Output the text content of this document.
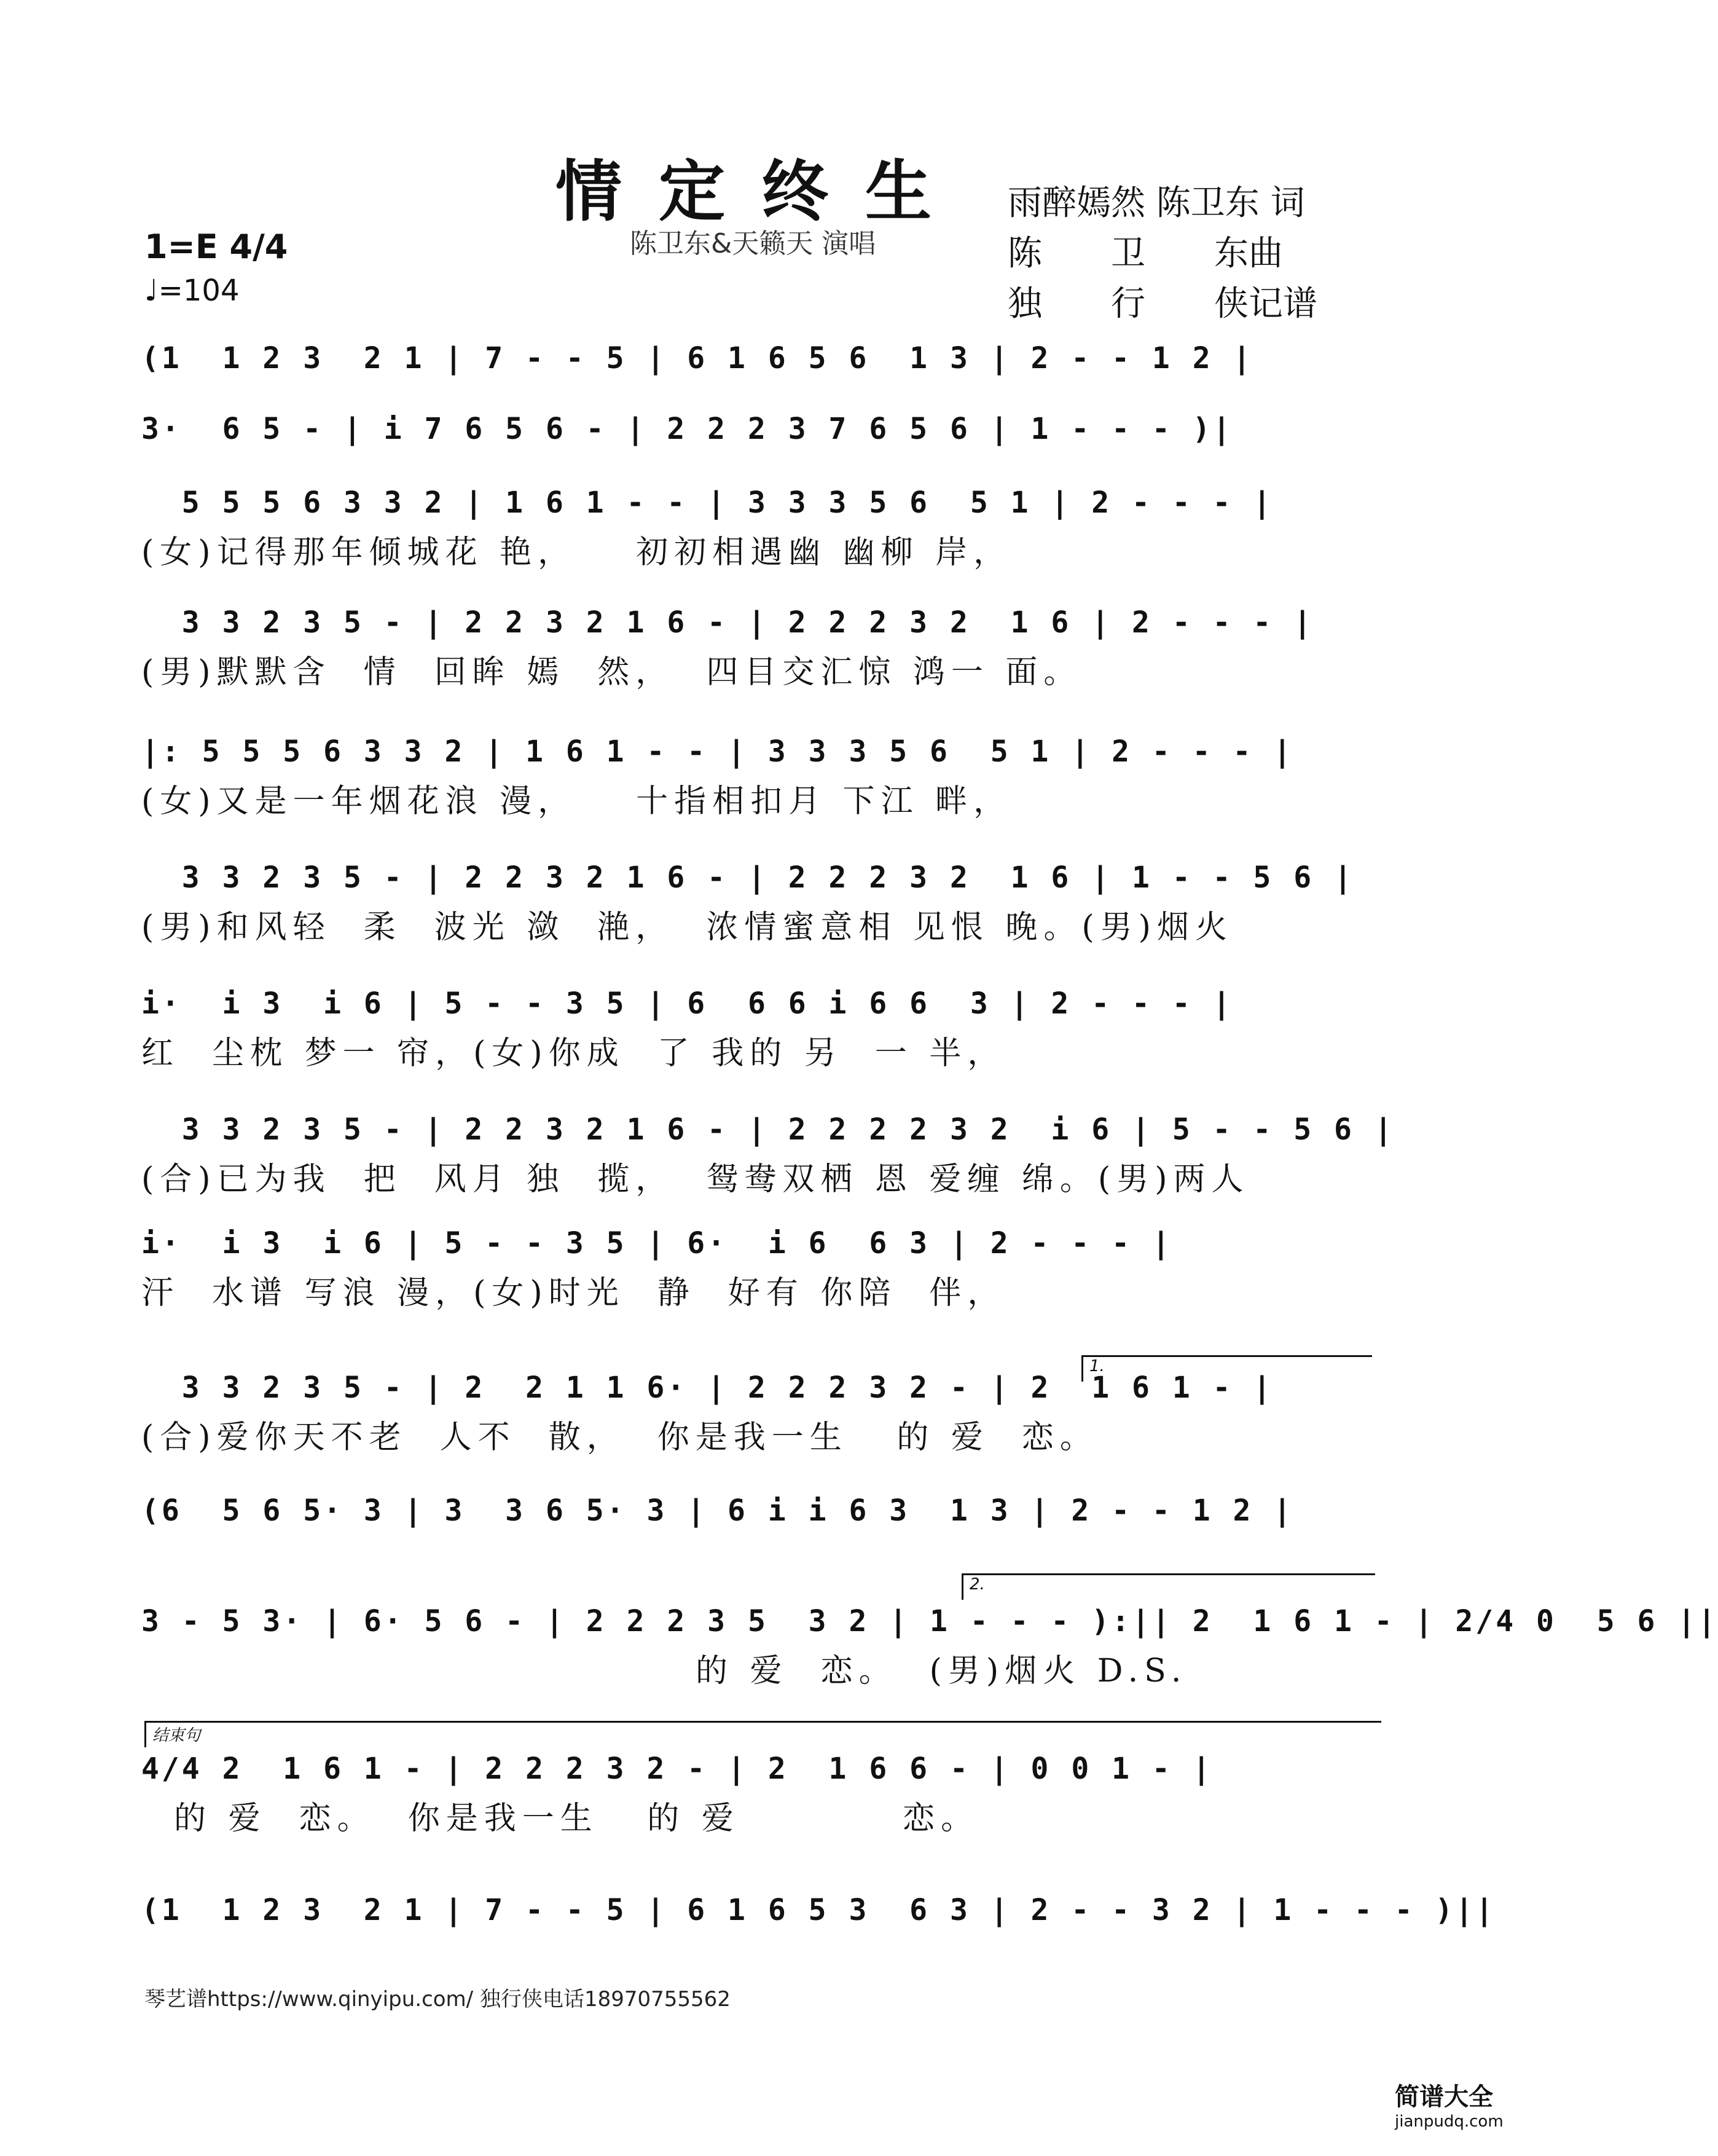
情定终生
陈卫东&天籁天 演唱
雨醉嫣然 陈卫东 词
陈　　卫　　东曲
独　　行　　侠记谱
1=E 4/4
♩=104
(1  1 2 3  2 1 | 7 - - 5 | 6 1 6 5 6  1 3 | 2 - - 1 2 |
3·  6 5 - | i 7 6 5 6 - | 2 2 2 3 7 6 5 6 | 1 - - - )|
5 5 5 6 3 3 2 | 1 6 1 - - | 3 3 3 5 6  5 1 | 2 - - - |
(女)记得那年倾城花 艳，　　初初相遇幽 幽柳 岸，
3 3 2 3 5 - | 2 2 3 2 1 6 - | 2 2 2 3 2  1 6 | 2 - - - |
(男)默默含  情  回眸 嫣  然，  四目交汇惊 鸿一 面。
|: 5 5 5 6 3 3 2 | 1 6 1 - - | 3 3 3 5 6  5 1 | 2 - - - |
(女)又是一年烟花浪 漫，　　十指相扣月 下江 畔，
3 3 2 3 5 - | 2 2 3 2 1 6 - | 2 2 2 3 2  1 6 | 1 - - 5 6 |
(男)和风轻  柔  波光 潋  滟，  浓情蜜意相 见恨 晚。(男)烟火
i·  i 3  i 6 | 5 - - 3 5 | 6  6 6 i 6 6  3 | 2 - - - |
红  尘枕 梦一 帘，(女)你成  了 我的 另  一 半，
3 3 2 3 5 - | 2 2 3 2 1 6 - | 2 2 2 2 3 2  i 6 | 5 - - 5 6 |
(合)已为我  把  风月 独  揽，  鸳鸯双栖 恩 爱缠 绵。(男)两人
i·  i 3  i 6 | 5 - - 3 5 | 6·  i 6  6 3 | 2 - - - |
汗  水谱 写浪 漫，(女)时光  静  好有 你陪  伴，
3 3 2 3 5 - | 2  2 1 1 6· | 2 2 2 3 2 - | 2  1 6 1 - |
(合)爱你天不老  人不  散，  你是我一生   的 爱  恋。
(6  5 6 5· 3 | 3  3 6 5· 3 | 6 i i 6 3  1 3 | 2 - - 1 2 |
3 - 5 3· | 6· 5 6 - | 2 2 2 3 5  3 2 | 1 - - - ):|| 2  1 6 1 - | 2/4 0  5 6 ||
的 爱  恋。  (男)烟火 D.S.
4/4 2  1 6 1 - | 2 2 2 3 2 - | 2  1 6 6 - | 0 0 1 - |
的 爱  恋。  你是我一生   的 爱          恋。
(1  1 2 3  2 1 | 7 - - 5 | 6 1 6 5 3  6 3 | 2 - - 3 2 | 1 - - - )||
1.
2.
结束句
琴艺谱https://www.qinyipu.com/ 独行侠电话18970755562
简谱大全
jianpudq.com
